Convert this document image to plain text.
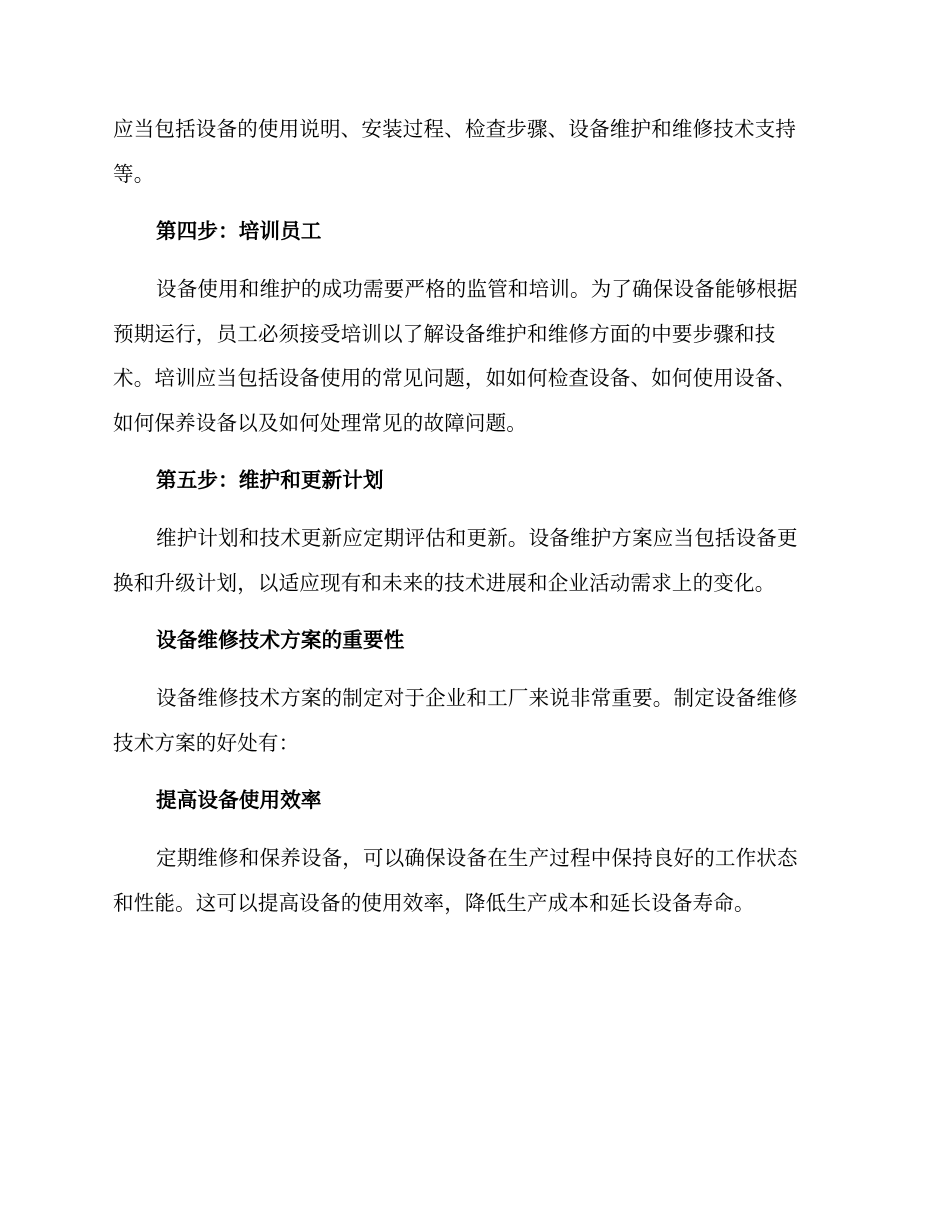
应当包括设备的使用说明、安装过程、检查步骤、设备维护和维修技术支持
等。
第四步：培训员工
设备使用和维护的成功需要严格的监管和培训。为了确保设备能够根据
预期运行，员工必须接受培训以了解设备维护和维修方面的中要步骤和技
术。培训应当包括设备使用的常见问题，如如何检查设备、如何使用设备、
如何保养设备以及如何处理常见的故障问题。
第五步：维护和更新计划
维护计划和技术更新应定期评估和更新。设备维护方案应当包括设备更
换和升级计划，以适应现有和未来的技术进展和企业活动需求上的变化。
设备维修技术方案的重要性
设备维修技术方案的制定对于企业和工厂来说非常重要。制定设备维修
技术方案的好处有：
提高设备使用效率
定期维修和保养设备，可以确保设备在生产过程中保持良好的工作状态
和性能。这可以提高设备的使用效率，降低生产成本和延长设备寿命。
